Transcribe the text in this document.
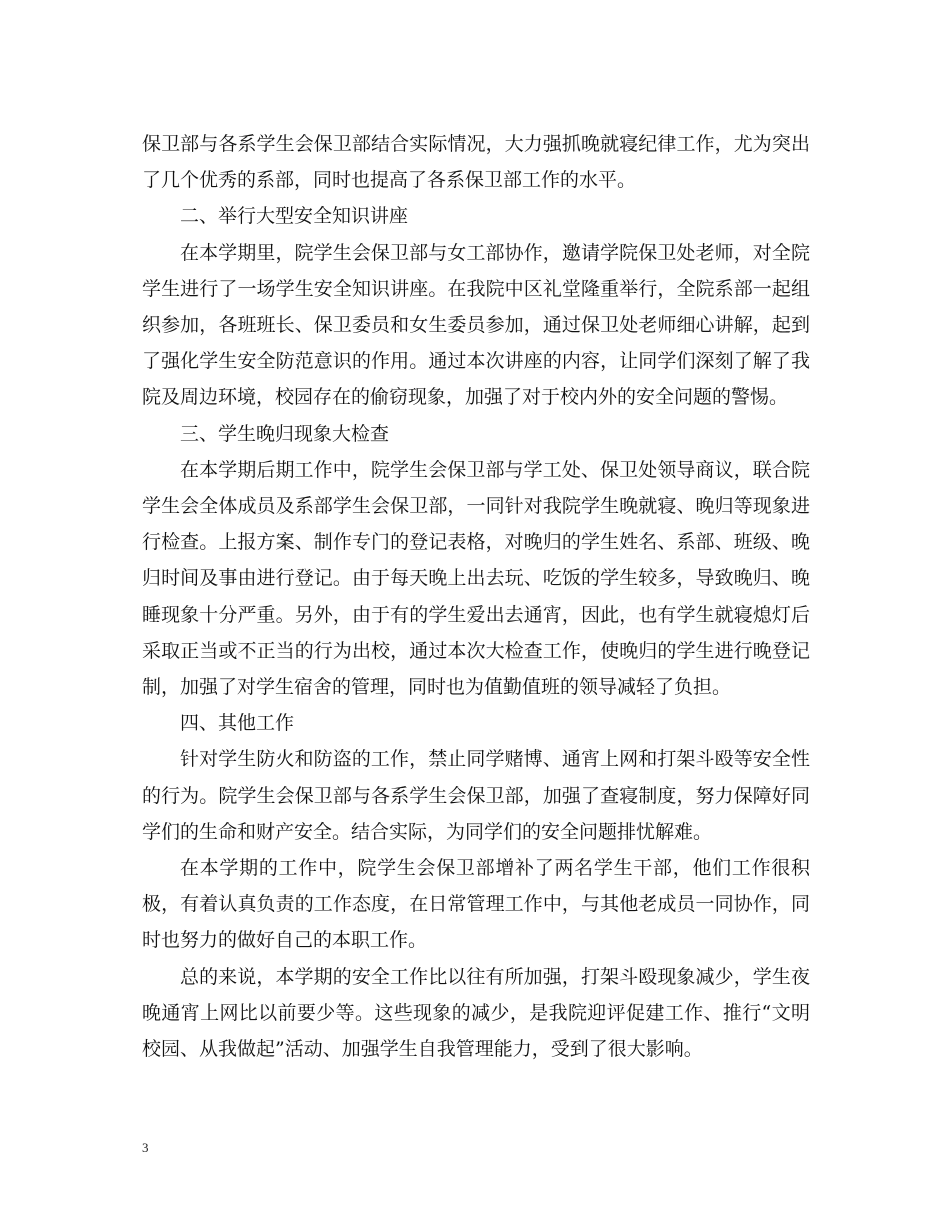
保卫部与各系学生会保卫部结合实际情况，大力强抓晚就寝纪律工作，尤为突出了几个优秀的系部，同时也提高了各系保卫部工作的水平。

二、举行大型安全知识讲座

在本学期里，院学生会保卫部与女工部协作，邀请学院保卫处老师，对全院学生进行了一场学生安全知识讲座。在我院中区礼堂隆重举行，全院系部一起组织参加，各班班长、保卫委员和女生委员参加，通过保卫处老师细心讲解，起到了强化学生安全防范意识的作用。通过本次讲座的内容，让同学们深刻了解了我院及周边环境，校园存在的偷窃现象，加强了对于校内外的安全问题的警惕。

三、学生晚归现象大检查

在本学期后期工作中，院学生会保卫部与学工处、保卫处领导商议，联合院学生会全体成员及系部学生会保卫部，一同针对我院学生晚就寝、晚归等现象进行检查。上报方案、制作专门的登记表格，对晚归的学生姓名、系部、班级、晚归时间及事由进行登记。由于每天晚上出去玩、吃饭的学生较多，导致晚归、晚睡现象十分严重。另外，由于有的学生爱出去通宵，因此，也有学生就寝熄灯后采取正当或不正当的行为出校，通过本次大检查工作，使晚归的学生进行晚登记制，加强了对学生宿舍的管理，同时也为值勤值班的领导减轻了负担。

四、其他工作

针对学生防火和防盗的工作，禁止同学赌博、通宵上网和打架斗殴等安全性的行为。院学生会保卫部与各系学生会保卫部，加强了查寝制度，努力保障好同学们的生命和财产安全。结合实际，为同学们的安全问题排忧解难。

在本学期的工作中，院学生会保卫部增补了两名学生干部，他们工作很积极，有着认真负责的工作态度，在日常管理工作中，与其他老成员一同协作，同时也努力的做好自己的本职工作。

总的来说，本学期的安全工作比以往有所加强，打架斗殴现象减少，学生夜晚通宵上网比以前要少等。这些现象的减少，是我院迎评促建工作、推行“文明校园、从我做起”活动、加强学生自我管理能力，受到了很大影响。

3
